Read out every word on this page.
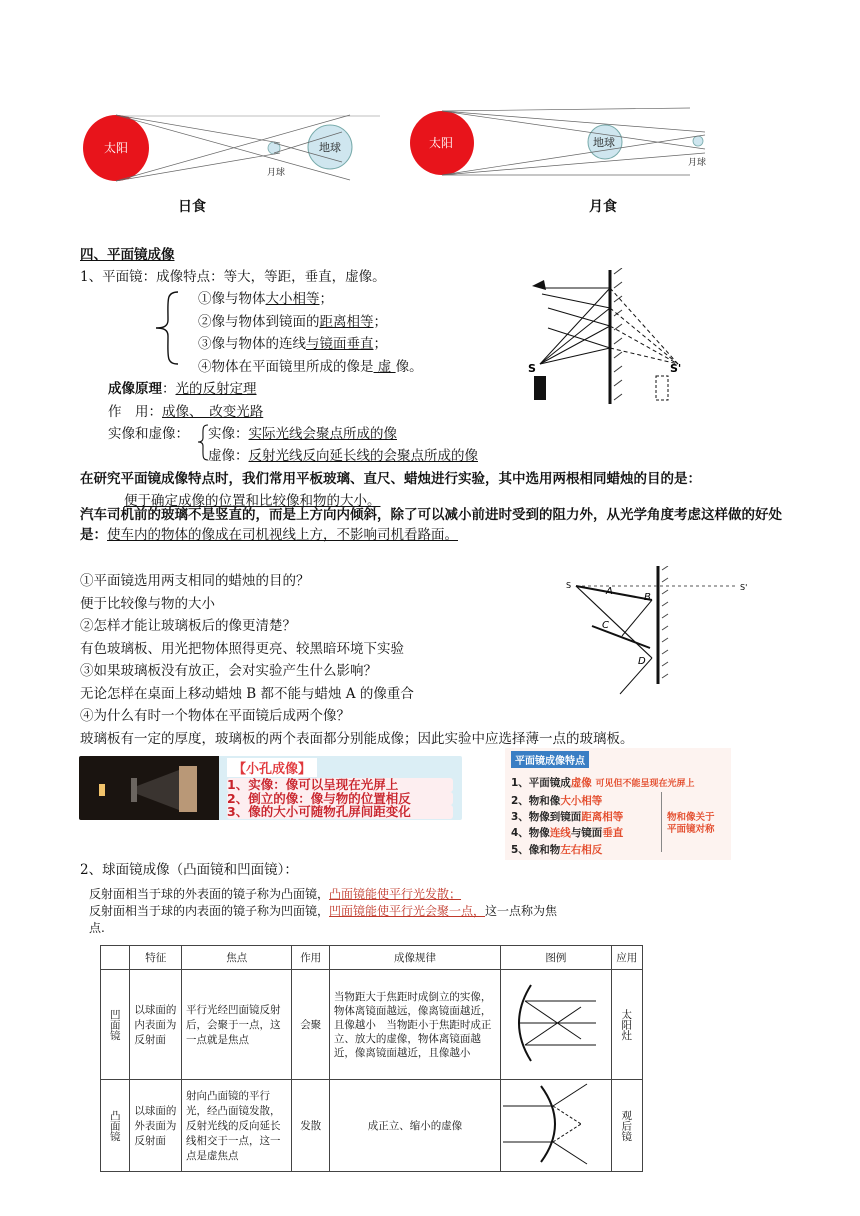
太阳	地球
月球
太阳	地球
月球
日食	月食
四、平面镜成像
1、平面镜：成像特点：等大，等距，垂直，虚像。
①像与物体大小相等；
②像与物体到镜面的距离相等；
③像与物体的连线与镜面垂直；
④物体在平面镜里所成的像是 虚 像。
成像原理：光的反射定理
作　用：成像、　改变光路
实像和虚像： 实像：实际光线会聚点所成的像
虚像：反射光线反向延长线的会聚点所成的像
S	S'
在研究平面镜成像特点时，我们常用平板玻璃、直尺、蜡烛进行实验，其中选用两根相同蜡烛的目的是：
便于确定成像的位置和比较像和物的大小。
汽车司机前的玻璃不是竖直的，而是上方向内倾斜，除了可以减小前进时受到的阻力外，从光学角度考虑这样做的好处是：使车内的物体的像成在司机视线上方，不影响司机看路面。
①平面镜选用两支相同的蜡烛的目的？
便于比较像与物的大小
②怎样才能让玻璃板后的像更清楚？
有色玻璃板、用光把物体照得更亮、较黑暗环境下实验
③如果玻璃板没有放正，会对实验产生什么影响？
无论怎样在桌面上移动蜡烛 B 都不能与蜡烛 A 的像重合
④为什么有时一个物体在平面镜后成两个像？
玻璃板有一定的厚度，玻璃板的两个表面都分别能成像；因此实验中应选择薄一点的玻璃板。
S	S'
A
B
C
D
【小孔成像】
1、实像：像可以呈现在光屏上
2、倒立的像：像与物的位置相反
3、像的大小可随物孔屏间距变化
平面镜成像特点
1、平面镜成虚像 可见但不能呈现在光屏上
2、物和像大小相等
3、物像到镜面距离相等
4、物像连线与镜面垂直
5、像和物左右相反
物和像关于
平面镜对称
2、球面镜成像（凸面镜和凹面镜）：
反射面相当于球的外表面的镜子称为凸面镜，凸面镜能使平行光发散；
反射面相当于球的内表面的镜子称为凹面镜，凹面镜能使平行光会聚一点，这一点称为焦
点.
	特征	焦点	作用	成像规律	图例	应用
凹面镜	以球面的内表面为反射面	平行光经凹面镜反射后，会聚于一点，这一点就是焦点	会聚	当物距大于焦距时成倒立的实像，物体离镜面越远，像离镜面越近，且像越小　当物距小于焦距时成正立、放大的虚像，物体离镜面越近，像离镜面越近，且像越小		太阳灶
凸面镜	以球面的外表面为反射面	射向凸面镜的平行光，经凸面镜发散，反射光线的反向延长线相交于一点，这一点是虚焦点	发散	成正立、缩小的虚像		观后镜
